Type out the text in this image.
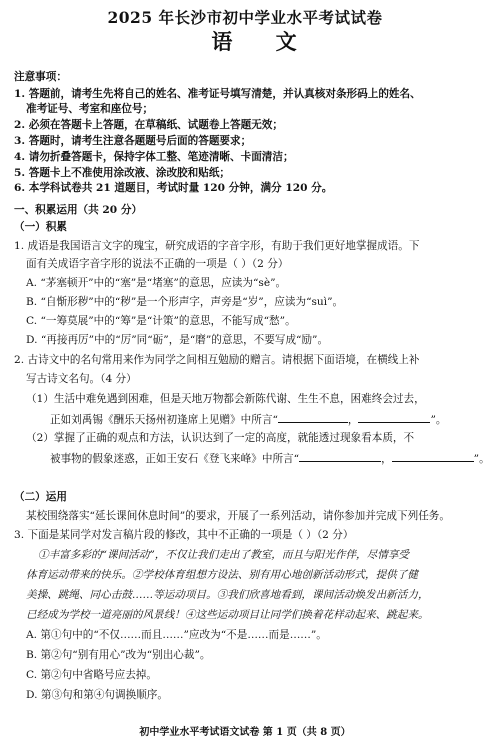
2025 年长沙市初中学业水平考试试卷
语 文
注意事项：
1. 答题前，请考生先将自己的姓名、准考证号填写清楚，并认真核对条形码上的姓名、
准考证号、考室和座位号；
2. 必须在答题卡上答题，在草稿纸、试题卷上答题无效；
3. 答题时，请考生注意各题题号后面的答题要求；
4. 请勿折叠答题卡，保持字体工整、笔迹清晰、卡面清洁；
5. 答题卡上不准使用涂改液、涂改胶和贴纸；
6. 本学科试卷共 21 道题目，考试时量 120 分钟，满分 120 分。
一、积累运用（共 20 分）
（一）积累
1. 成语是我国语言文字的瑰宝，研究成语的字音字形，有助于我们更好地掌握成语。下
面有关成语字音字形的说法不正确的一项是（ ）（2 分）
A. “茅塞顿开”中的“塞”是“堵塞”的意思，应读为“sè”。
B. “自惭形秽”中的“秽”是一个形声字，声旁是“岁”，应读为“suì”。
C. “一筹莫展”中的“筹”是“计策”的意思，不能写成“愁”。
D. “再接再厉”中的“厉”同“砺”，是“磨”的意思，不要写成“励”。
2. 古诗文中的名句常用来作为同学之间相互勉励的赠言。请根据下面语境，在横线上补
写古诗文名句。（4 分）
（1）生活中难免遇到困难，但是天地万物都会新陈代谢、生生不息，困难终会过去，
正如刘禹锡《酬乐天扬州初逢席上见赠》中所言“	，	”。
（2）掌握了正确的观点和方法，认识达到了一定的高度，就能透过现象看本质，不
被事物的假象迷惑，正如王安石《登飞来峰》中所言“	，	”。
（二）运用
某校围绕落实“延长课间休息时间”的要求，开展了一系列活动，请你参加并完成下列任务。
3. 下面是某同学对发言稿片段的修改，其中不正确的一项是（ ）（2 分）
①丰富多彩的“课间活动”，不仅让我们走出了教室，而且与阳光作伴，尽情享受
体育运动带来的快乐。②学校体育组想方设法、别有用心地创新活动形式，提供了健
美操、跳绳、同心击鼓……等运动项目。③我们欣喜地看到，课间活动焕发出新活力，
已经成为学校一道亮丽的风景线！④这些运动项目让同学们换着花样动起来、跳起来。
A. 第①句中的“不仅……而且……”应改为“不是……而是……”。
B. 第②句“别有用心”改为“别出心裁”。
C. 第②句中省略号应去掉。
D. 第③句和第④句调换顺序。
初中学业水平考试语文试卷 第 1 页（共 8 页）
